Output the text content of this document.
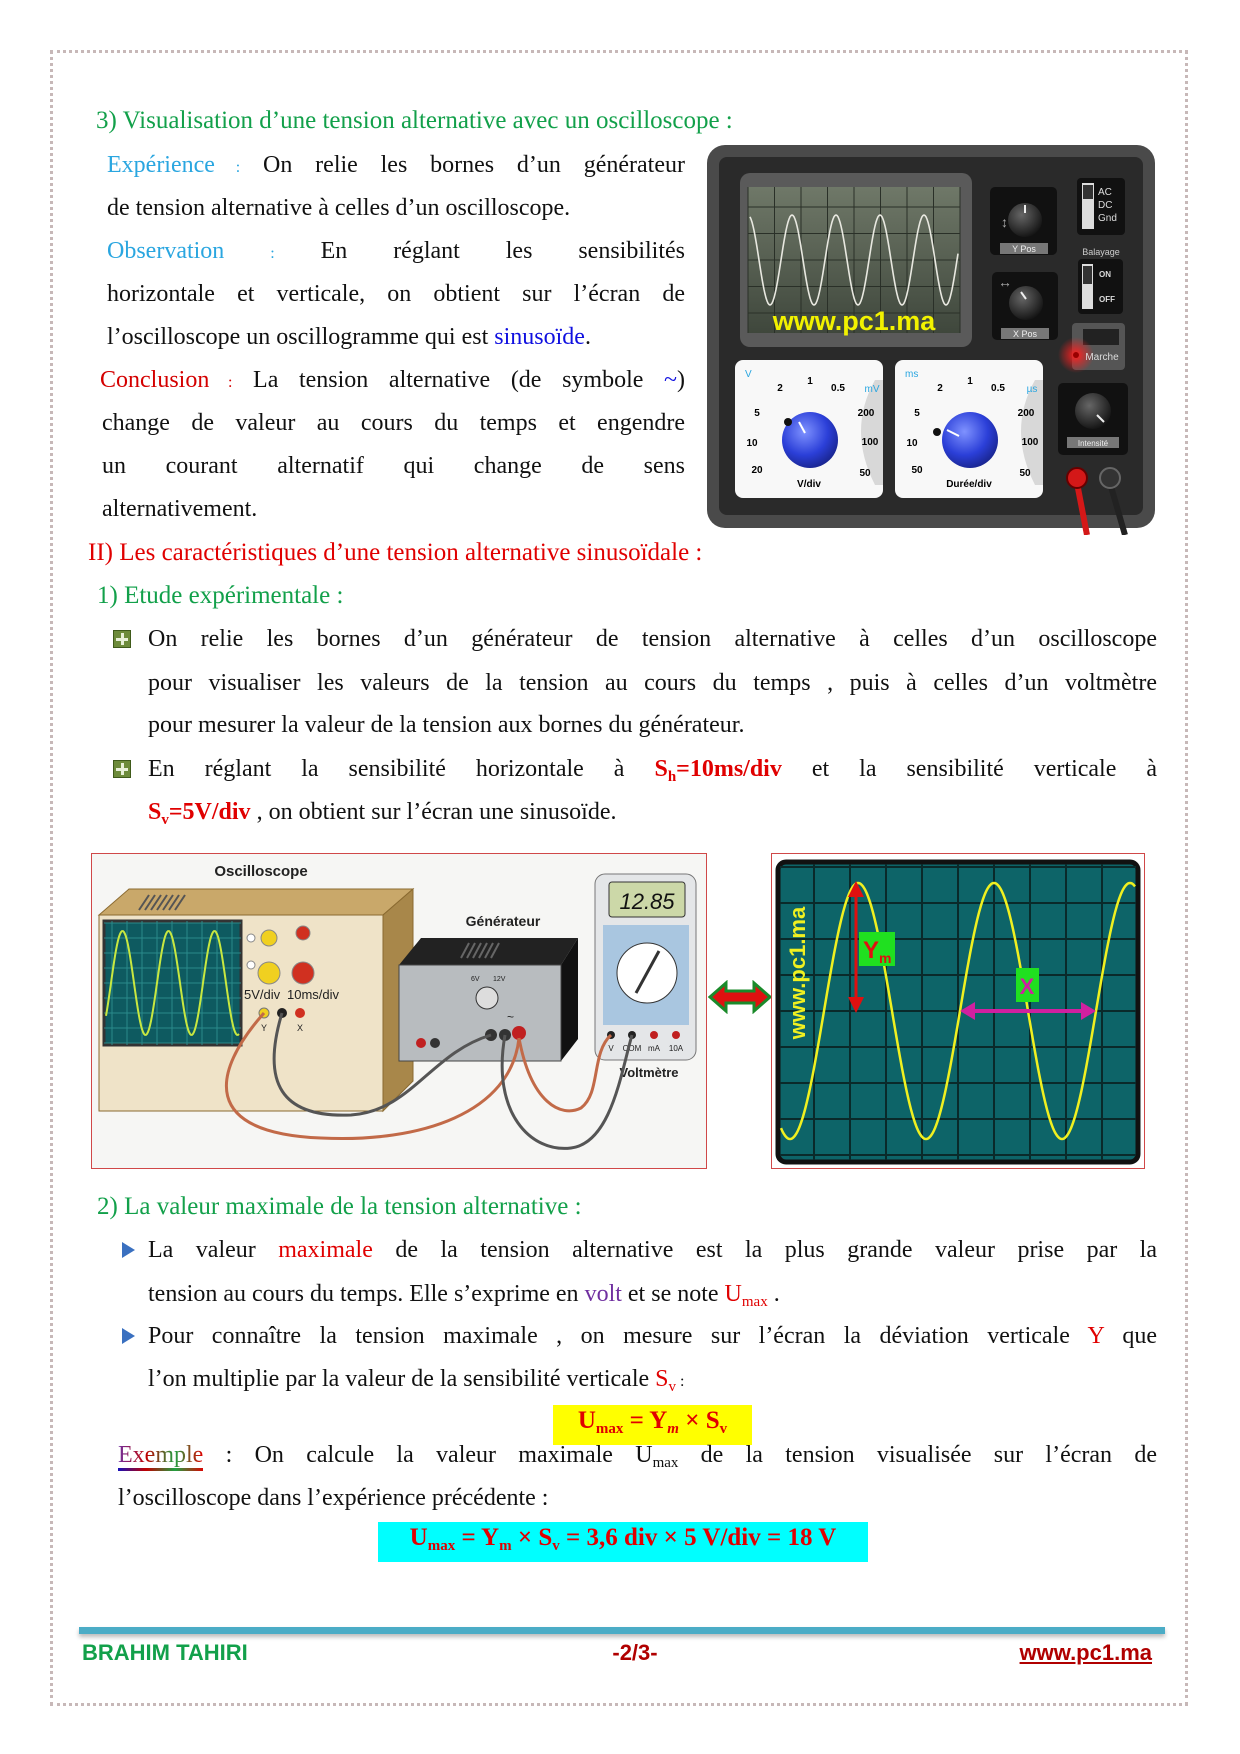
3) Visualisation d’une tension alternative avec un oscilloscope :
Expérience : On relie les bornes d’un générateur
de tension alternative à celles d’un oscilloscope.
Observation	: En réglant les sensibilités
horizontale et verticale, on obtient sur l’écran de
l’oscilloscope un oscillogramme qui est sinusoïde.
Conclusion : La tension alternative (de symbole ~)
change de valeur au cours du temps et engendre
un courant alternatif qui change de sens
alternativement.
www.pc1.ma
↕
Y Pos
↔
X Pos
AC
DC
Gnd
Balayage
ON
OFF
Marche
Intensité
V
mV
2
1
0.5
5	200
10	100
20	50
V/div
ms
µs
2
1
0.5
5	200
10	100
50	50
Durée/div
II) Les caractéristiques d’une tension alternative sinusoïdale :
1) Etude expérimentale :
On relie les bornes d’un générateur de tension alternative à celles d’un oscilloscope
pour visualiser les valeurs de la tension au cours du temps , puis à celles d’un voltmètre
pour mesurer la valeur de la tension aux bornes du générateur.
En réglant la sensibilité horizontale à $S_h=10ms$/div et la sensibilité verticale à
$S_v=5V$/div , on obtient sur l’écran une sinusoïde.
Oscilloscope
5V/div 10ms/div
Y	X
Générateur
6V 12V
~
12.85
V COM mA 10A
Voltmètre
www.pc1.ma $Y_m$
X
2) La valeur maximale de la tension alternative :
La valeur maximale de la tension alternative est la plus grande valeur prise par la
tension au cours du temps. Elle s’exprime en volt et se note $U_{max}$ .
Pour connaître la tension maximale , on mesure sur l’écran la déviation verticale Y que
l’on multiplie par la valeur de la sensibilité verticale $S_v$ :
$U_{max} = Y_m \times S_v$
Exemple : On calcule la valeur maximale $U_{max}$ de la tension visualisée sur l’écran de
l’oscilloscope dans l’expérience précédente :
$U_{max} = Y_m \times S_v = 3,6$ div × 5 V/div = 18 V
BRAHIM TAHIRI	-2/3-	www.pc1.ma
